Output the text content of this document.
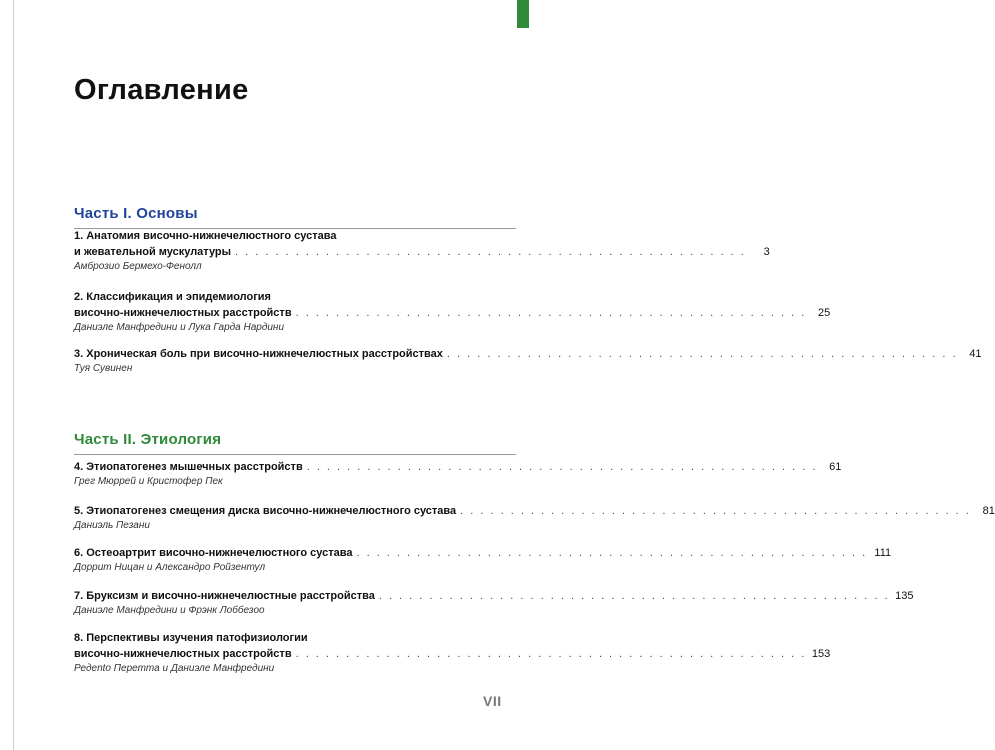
Оглавление
Часть I. Основы
1. Анатомия височно-нижнечелюстного сустава
и жевательной мускулатуры . . . . . . . . . . . . . . . . . . . . . . . . . . . . . . . . . . . . . . . . . . . . . . . . . . .	3
Амброзио Бермехо-Фенолл
2. Классификация и эпидемиология
височно-нижнечелюстных расстройств . . . . . . . . . . . . . . . . . . . . . . . . . . . . . . . . . . . . . . . . . . . . . . . . . . .	25
Даниэле Манфредини и Лука Гарда Нардини
3. Хроническая боль при височно-нижнечелюстных расстройствах . . . . . . . . . . . . . . . . . . . . . . . . . . . . . . . . . . . . . . . . . . . . . . . . . . .	41
Туя Сувинен
Часть II. Этиология
4. Этиопатогенез мышечных расстройств . . . . . . . . . . . . . . . . . . . . . . . . . . . . . . . . . . . . . . . . . . . . . . . . . . .	61
Грег Мюррей и Кристофер Пек
5. Этиопатогенез смещения диска височно-нижнечелюстного сустава . . . . . . . . . . . . . . . . . . . . . . . . . . . . . . . . . . . . . . . . . . . . . . . . . . .	81
Даниэль Пезани
6. Остеоартрит височно-нижнечелюстного сустава . . . . . . . . . . . . . . . . . . . . . . . . . . . . . . . . . . . . . . . . . . . . . . . . . . . 111
Доррит Ницан и Александро Ройзентул
7. Бруксизм и височно-нижнечелюстные расстройства . . . . . . . . . . . . . . . . . . . . . . . . . . . . . . . . . . . . . . . . . . . . . . . . . . . 135
Даниэле Манфредини и Фрэнк Лоббезоо
8. Перспективы изучения патофизиологии
височно-нижнечелюстных расстройств . . . . . . . . . . . . . . . . . . . . . . . . . . . . . . . . . . . . . . . . . . . . . . . . . . . 153
Редento Перетта и Даниэле Манфредини
VII
